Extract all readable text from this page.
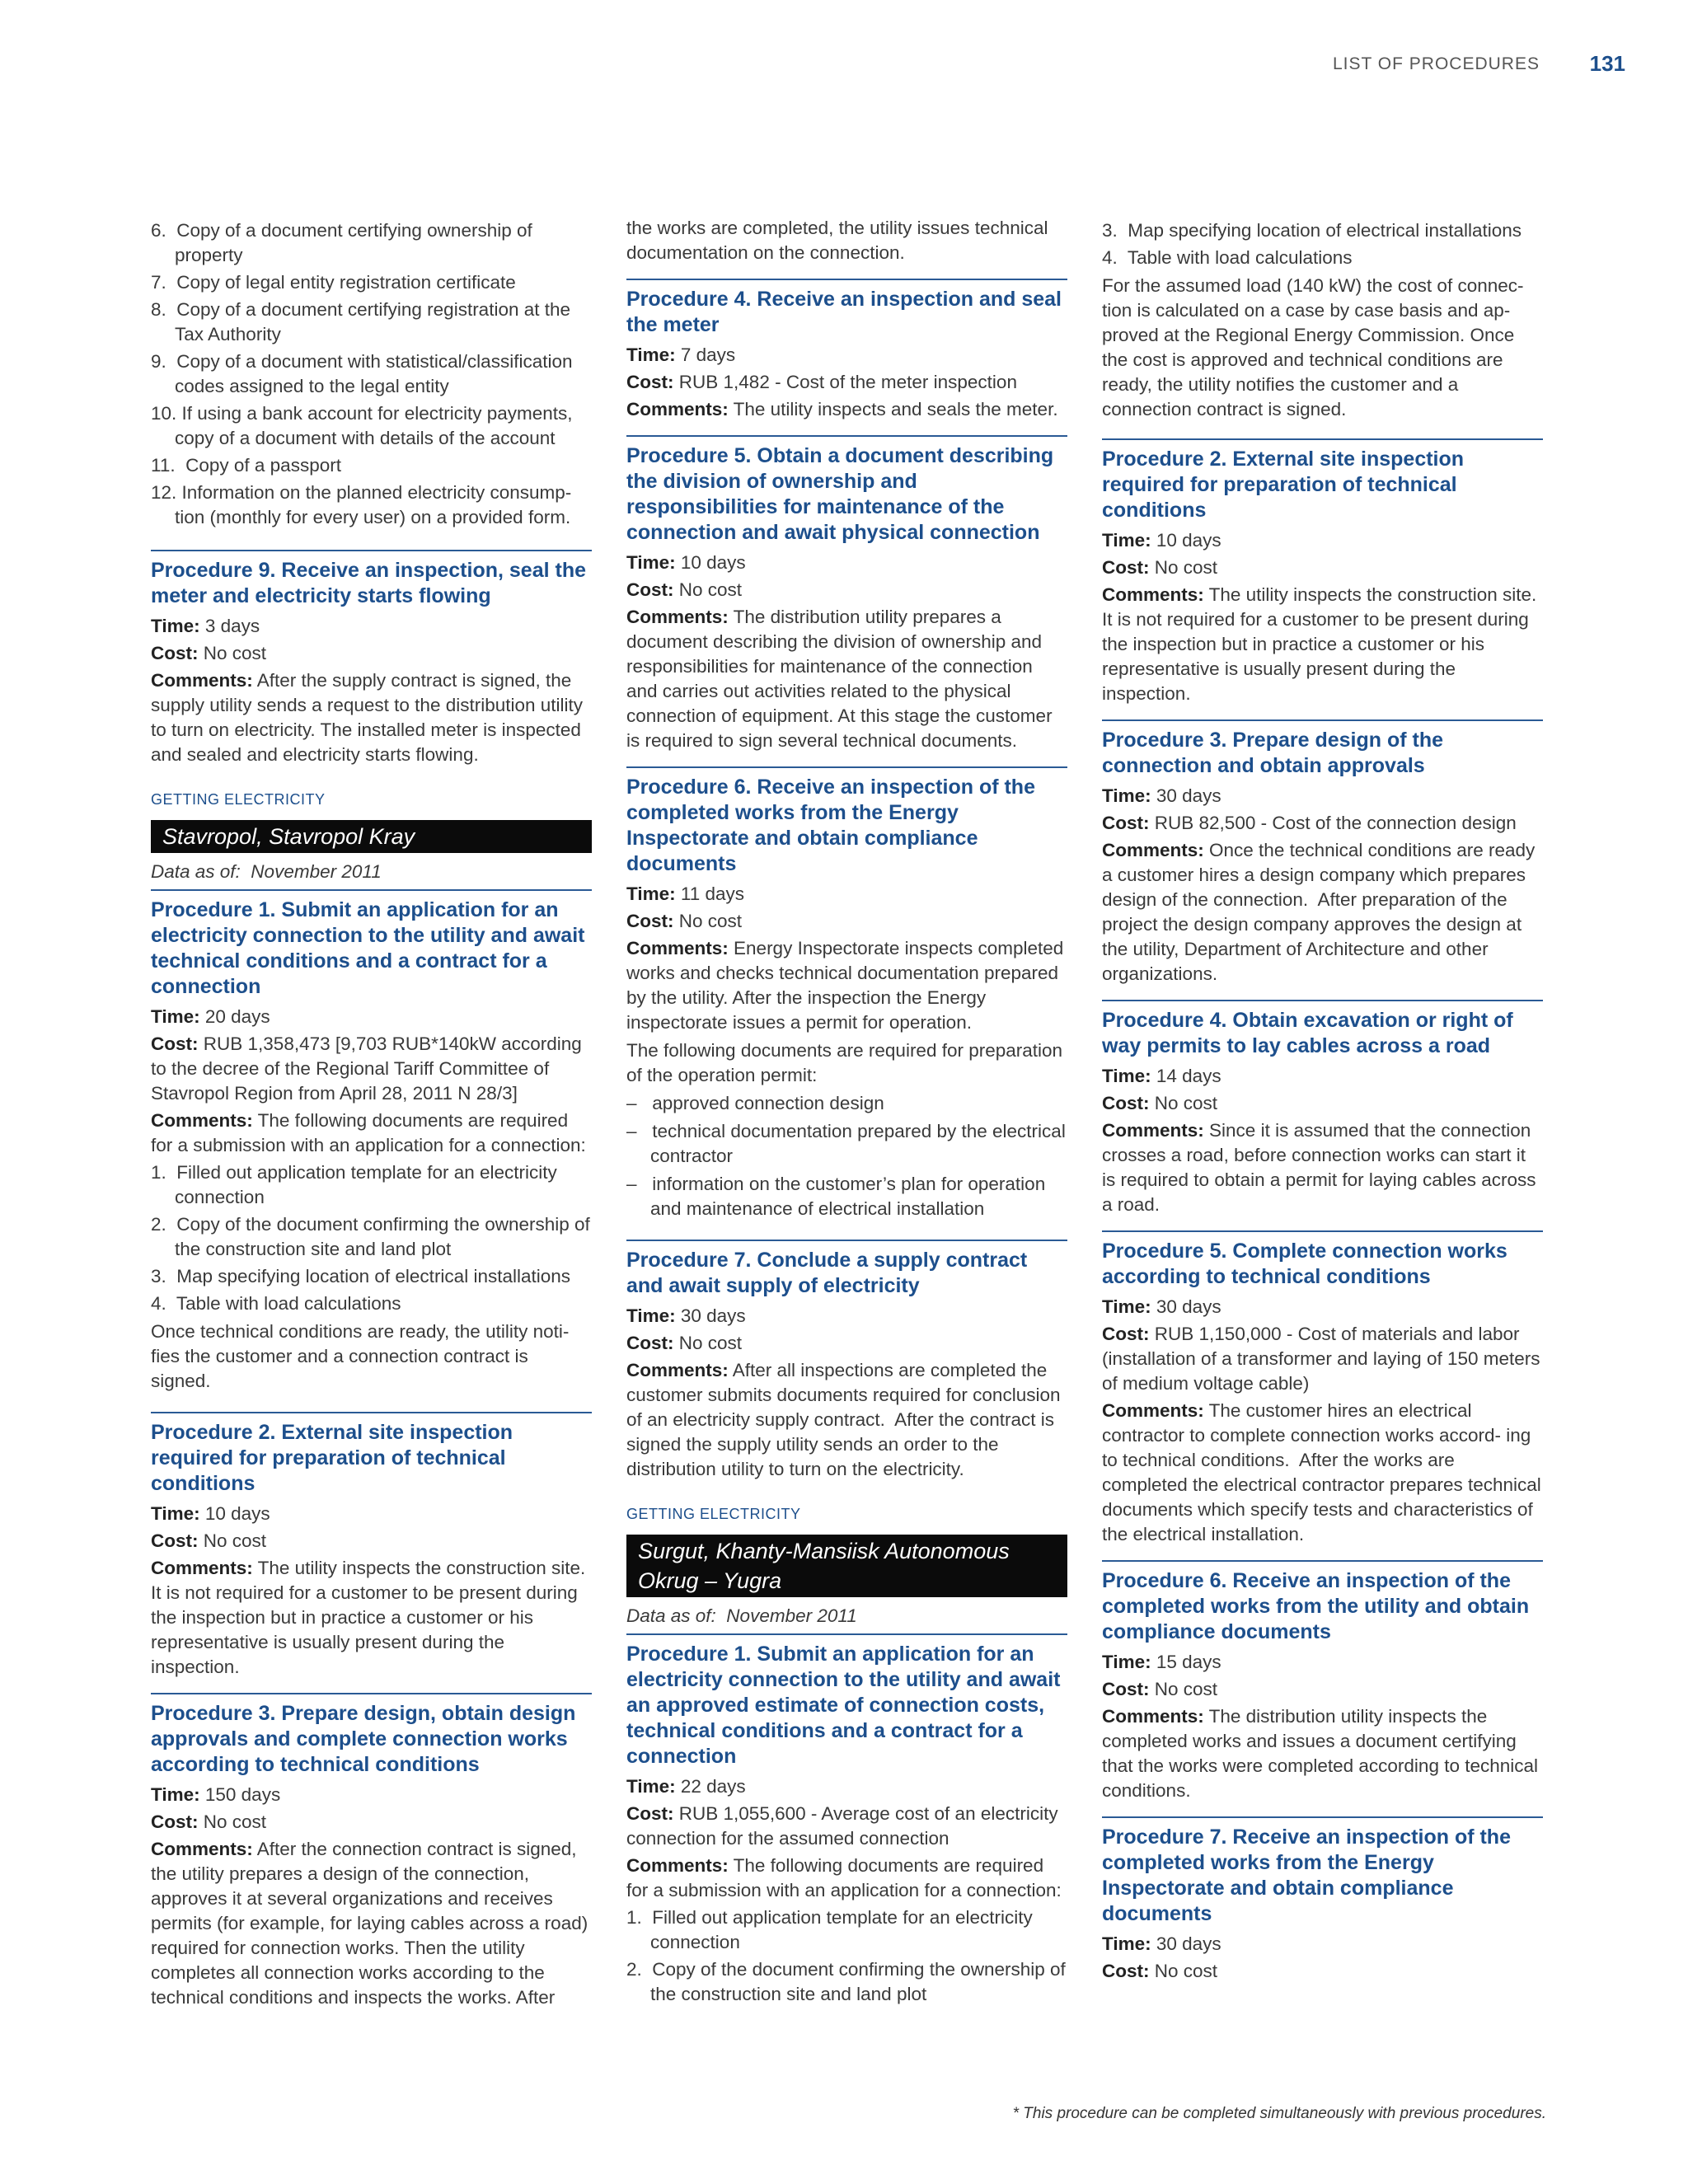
LIST OF PROCEDURES 131
6.  Copy of a document certifying ownership of property
7.  Copy of legal entity registration certificate
8.  Copy of a document certifying registration at the Tax Authority
9.  Copy of a document with statistical/classification codes assigned to the legal entity
10. If using a bank account for electricity payments, copy of a document with details of the account
11.  Copy of a passport
12. Information on the planned electricity consump- tion (monthly for every user) on a provided form.
Procedure 9. Receive an inspection, seal the meter and electricity starts flowing
Time: 3 days
Cost: No cost
Comments: After the supply contract is signed, the supply utility sends a request to the distribution utility to turn on electricity. The installed meter is inspected and sealed and electricity starts flowing.
GETTING ELECTRICITY
Stavropol, Stavropol Kray
Data as of:  November 2011
Procedure 1. Submit an application for an electricity connection to the utility and await technical conditions and a contract for a connection
Time: 20 days
Cost: RUB 1,358,473 [9,703 RUB*140kW according to the decree of the Regional Tariff Committee of Stavropol Region from April 28, 2011 N 28/3]
Comments: The following documents are required for a submission with an application for a connection:
1.  Filled out application template for an electricity connection
2.  Copy of the document confirming the ownership of the construction site and land plot
3.  Map specifying location of electrical installations
4.  Table with load calculations

Once technical conditions are ready, the utility noti- fies the customer and a connection contract is signed.

Procedure 2. External site inspection required for preparation of technical conditions
Time: 10 days
Cost: No cost
Comments: The utility inspects the construction site. It is not required for a customer to be present during the inspection but in practice a customer or his representative is usually present during the inspection.
Procedure 3. Prepare design, obtain design approvals and complete connection works according to technical conditions
Time: 150 days
Cost: No cost
Comments: After the connection contract is signed, the utility prepares a design of the connection, approves it at several organizations and receives permits (for example, for laying cables across a road) required for connection works. Then the utility completes all connection works according to the technical conditions and inspects the works. After

the works are completed, the utility issues technical documentation on the connection.

Procedure 4. Receive an inspection and seal the meter
Time: 7 days
Cost: RUB 1,482 - Cost of the meter inspection
Comments: The utility inspects and seals the meter.
Procedure 5. Obtain a document describing the division of ownership and responsibilities for maintenance of the connection and await physical connection
Time: 10 days
Cost: No cost
Comments: The distribution utility prepares a document describing the division of ownership and responsibilities for maintenance of the connection and carries out activities related to the physical connection of equipment. At this stage the customer is required to sign several technical documents.
Procedure 6. Receive an inspection of the completed works from the Energy Inspectorate and obtain compliance documents
Time: 11 days
Cost: No cost
Comments: Energy Inspectorate inspects completed works and checks technical documentation prepared by the utility. After the inspection the Energy inspectorate issues a permit for operation.

The following documents are required for preparation of the operation permit:

–   approved connection design
–   technical documentation prepared by the electrical contractor
–   information on the customer’s plan for operation and maintenance of electrical installation
Procedure 7. Conclude a supply contract and await supply of electricity
Time: 30 days
Cost: No cost
Comments: After all inspections are completed the customer submits documents required for conclusion of an electricity supply contract.  After the contract is signed the supply utility sends an order to the distribution utility to turn on the electricity.
GETTING ELECTRICITY
Surgut, Khanty-Mansiisk Autonomous Okrug – Yugra
Data as of:  November 2011
Procedure 1. Submit an application for an electricity connection to the utility and await an approved estimate of connection costs, technical conditions and a contract for a connection
Time: 22 days
Cost: RUB 1,055,600 - Average cost of an electricity connection for the assumed connection
Comments: The following documents are required for a submission with an application for a connection:
1.  Filled out application template for an electricity connection
2.  Copy of the document confirming the ownership of the construction site and land plot
3.  Map specifying location of electrical installations
4.  Table with load calculations

For the assumed load (140 kW) the cost of connec- tion is calculated on a case by case basis and ap- proved at the Regional Energy Commission. Once the cost is approved and technical conditions are ready, the utility notifies the customer and a connection contract is signed.

Procedure 2. External site inspection required for preparation of technical conditions
Time: 10 days
Cost: No cost
Comments: The utility inspects the construction site. It is not required for a customer to be present during the inspection but in practice a customer or his representative is usually present during the inspection.
Procedure 3. Prepare design of the connection and obtain approvals
Time: 30 days
Cost: RUB 82,500 - Cost of the connection design
Comments: Once the technical conditions are ready a customer hires a design company which prepares design of the connection.  After preparation of the project the design company approves the design at the utility, Department of Architecture and other organizations.
Procedure 4. Obtain excavation or right of way permits to lay cables across a road
Time: 14 days
Cost: No cost
Comments: Since it is assumed that the connection crosses a road, before connection works can start it is required to obtain a permit for laying cables across a road.
Procedure 5. Complete connection works according to technical conditions
Time: 30 days
Cost: RUB 1,150,000 - Cost of materials and labor (installation of a transformer and laying of 150 meters of medium voltage cable)
Comments: The customer hires an electrical contractor to complete connection works accord- ing to technical conditions.  After the works are completed the electrical contractor prepares technical documents which specify tests and characteristics of the electrical installation.
Procedure 6. Receive an inspection of the completed works from the utility and obtain compliance documents
Time: 15 days
Cost: No cost
Comments: The distribution utility inspects the completed works and issues a document certifying that the works were completed according to technical conditions.
Procedure 7. Receive an inspection of the completed works from the Energy Inspectorate and obtain compliance documents
Time: 30 days
Cost: No cost
* This procedure can be completed simultaneously with previous procedures.
